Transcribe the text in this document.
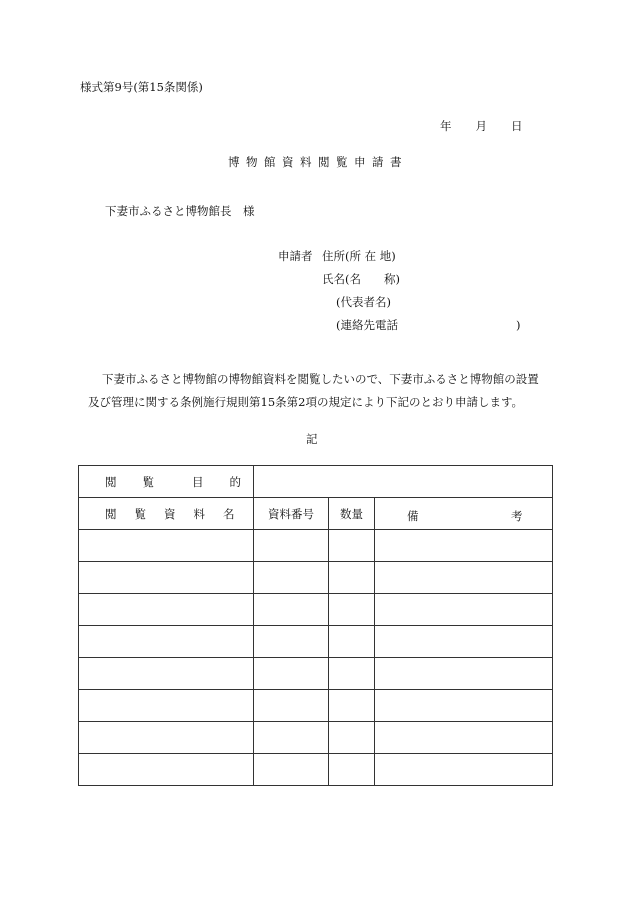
様式第9号(第15条関係)
年 月 日
博物館資料閲覧申請書
下妻市ふるさと博物館長　様
申請者 住所(所 在 地)
氏名(名　　称)
(代表者名)
(連絡先電話	)
下妻市ふるさと博物館の博物館資料を閲覧したいので、下妻市ふるさと博物館の設置
及び管理に関する条例施行規則第15条第2項の規定により下記のとおり申請します。
記
閲 覧 目 的			
閲 覧 資 料 名	資料番号	数量	備 考
